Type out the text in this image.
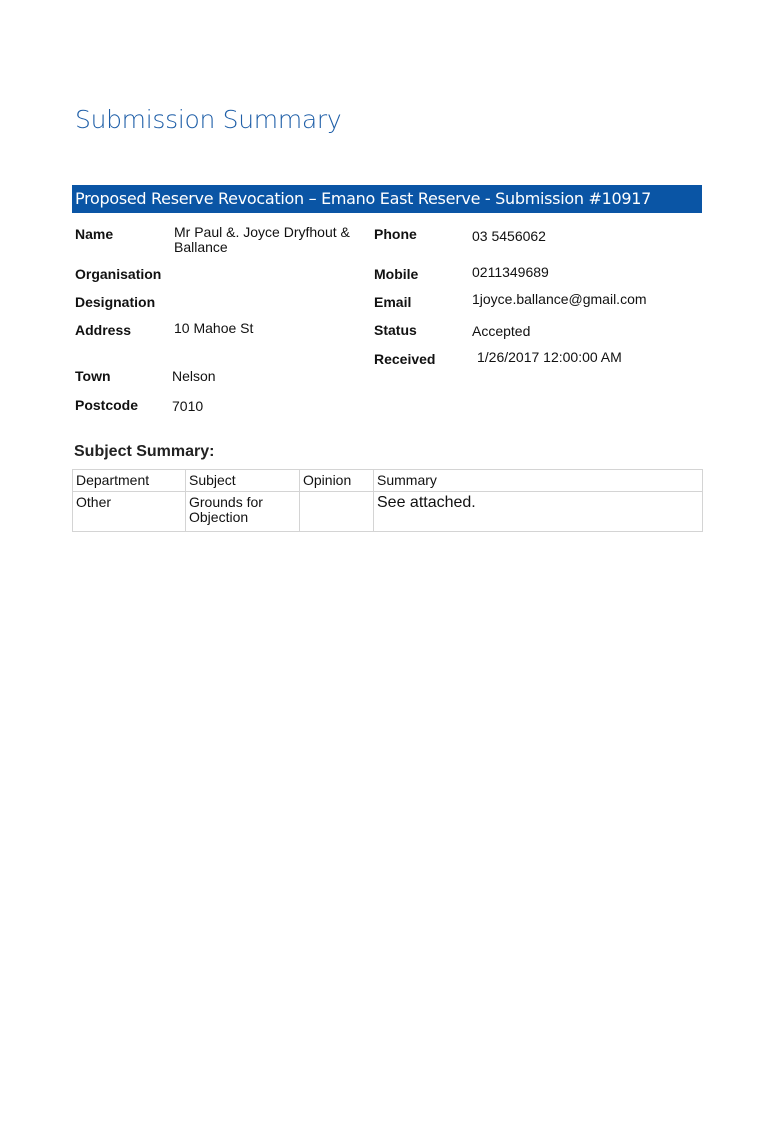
Submission Summary
Proposed Reserve Revocation – Emano East Reserve - Submission #10917
Name	Mr Paul &. Joyce Dryfhout & Ballance
Organisation
Designation
Address	10 Mahoe St
Town	Nelson
Postcode 7010
Phone	03 5456062
Mobile	0211349689
Email	1joyce.ballance@gmail.com
Status	Accepted
Received	1/26/2017 12:00:00 AM
Subject Summary:
Department	Subject	Opinion	Summary
Other	Grounds for Objection		See attached.
